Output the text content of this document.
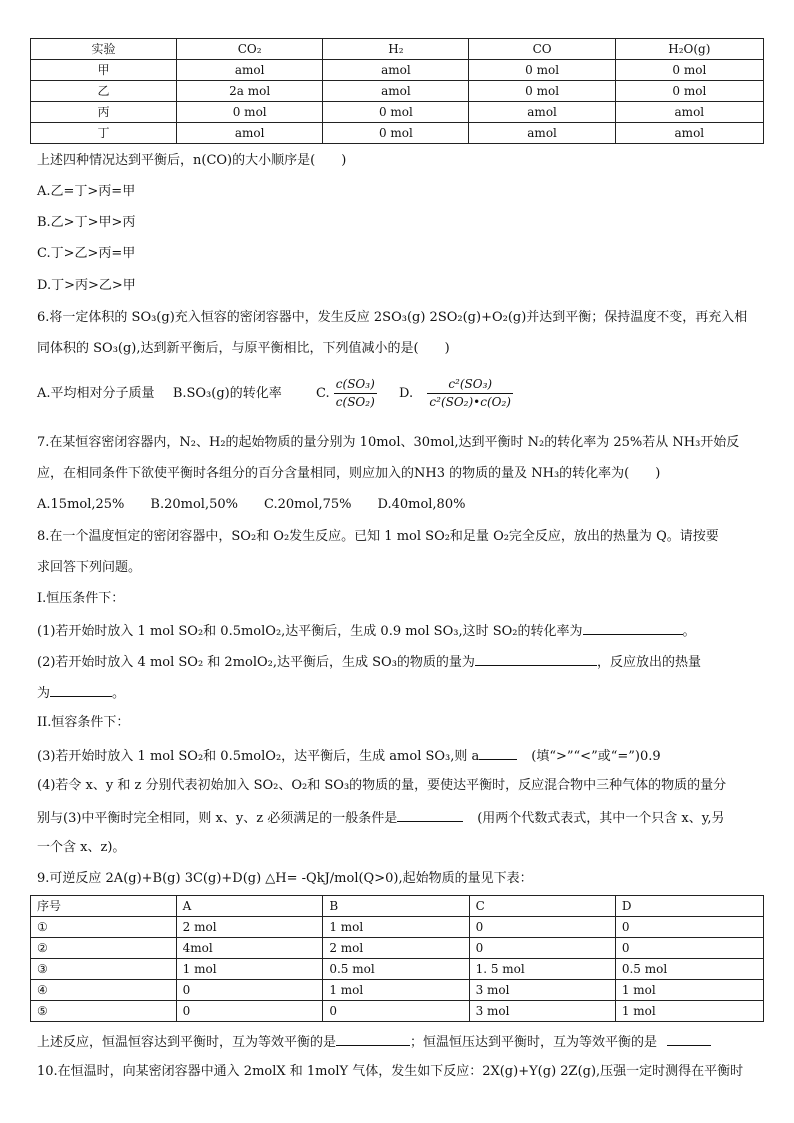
实验	CO₂	H₂	CO	H₂O(g)
甲	amol	amol	0 mol	0 mol
乙	2a mol	amol	0 mol	0 mol
丙	0 mol	0 mol	amol	amol
丁	amol	0 mol	amol	amol
上述四种情况达到平衡后，n(CO)的大小顺序是(　　)
A.乙=丁>丙=甲
B.乙>丁>甲>丙
C.丁>乙>丙=甲
D.丁>丙>乙>甲
6.将一定体积的 SO₃(g)充入恒容的密闭容器中，发生反应 2SO₃(g) 2SO₂(g)+O₂(g)并达到平衡；保持温度不变，再充入相
同体积的 SO₃(g),达到新平衡后，与原平衡相比，下列值减小的是(　　)
A.平均相对分子质量 B.SO₃(g)的转化率	C. $\frac{\text{c(SO₃)}}{\text{c(SO₂)}} D$. $\frac{\text{c²(SO₃)}}{\text{c²(SO₂)•c(O₂)}}$
7.在某恒容密闭容器内，N₂、H₂的起始物质的量分别为 10mol、30mol,达到平衡时 N₂的转化率为 25%若从 NH₃开始反
应，在相同条件下欲使平衡时各组分的百分含量相同，则应加入的NH3 的物质的量及 NH₃的转化率为(　　)
A.15mol,25% B.20mol,50% C.20mol,75% D.40mol,80%
8.在一个温度恒定的密闭容器中，SO₂和 O₂发生反应。已知 1 mol SO₂和足量 O₂完全反应，放出的热量为 Q。请按要
求回答下列问题。
I.恒压条件下：
(1)若开始时放入 1 mol SO₂和 0.5molO₂,达平衡后，生成 0.9 mol SO₃,这时 SO₂的转化率为	。
(2)若开始时放入 4 mol SO₂ 和 2molO₂,达平衡后，生成 SO₃的物质的量为	，反应放出的热量
为	。
II.恒容条件下：
(3)若开始时放入 1 mol SO₂和 0.5molO₂，达平衡后，生成 amol SO₃,则 a	(填“>”“<”或“=”)0.9
(4)若令 x、y 和 z 分别代表初始加入 SO₂、O₂和 SO₃的物质的量，要使达平衡时，反应混合物中三种气体的物质的量分
别与(3)中平衡时完全相同，则 x、y、z 必须满足的一般条件是	(用两个代数式表式，其中一个只含 x、y,另
一个含 x、z)。
9.可逆反应 2A(g)+B(g) 3C(g)+D(g) △H= -QkJ/mol(Q>0),起始物质的量见下表：
序号	A	B	C	D
①	2 mol	1 mol	0	0
②	4mol	2 mol	0	0
③	1 mol	0.5 mol	1. 5 mol	0.5 mol
④	0	1 mol	3 mol	1 mol
⑤	0	0	3 mol	1 mol
上述反应，恒温恒容达到平衡时，互为等效平衡的是	；恒温恒压达到平衡时，互为等效平衡的是
10.在恒温时，向某密闭容器中通入 2molX 和 1molY 气体，发生如下反应：2X(g)+Y(g) 2Z(g),压强一定时测得在平衡时
